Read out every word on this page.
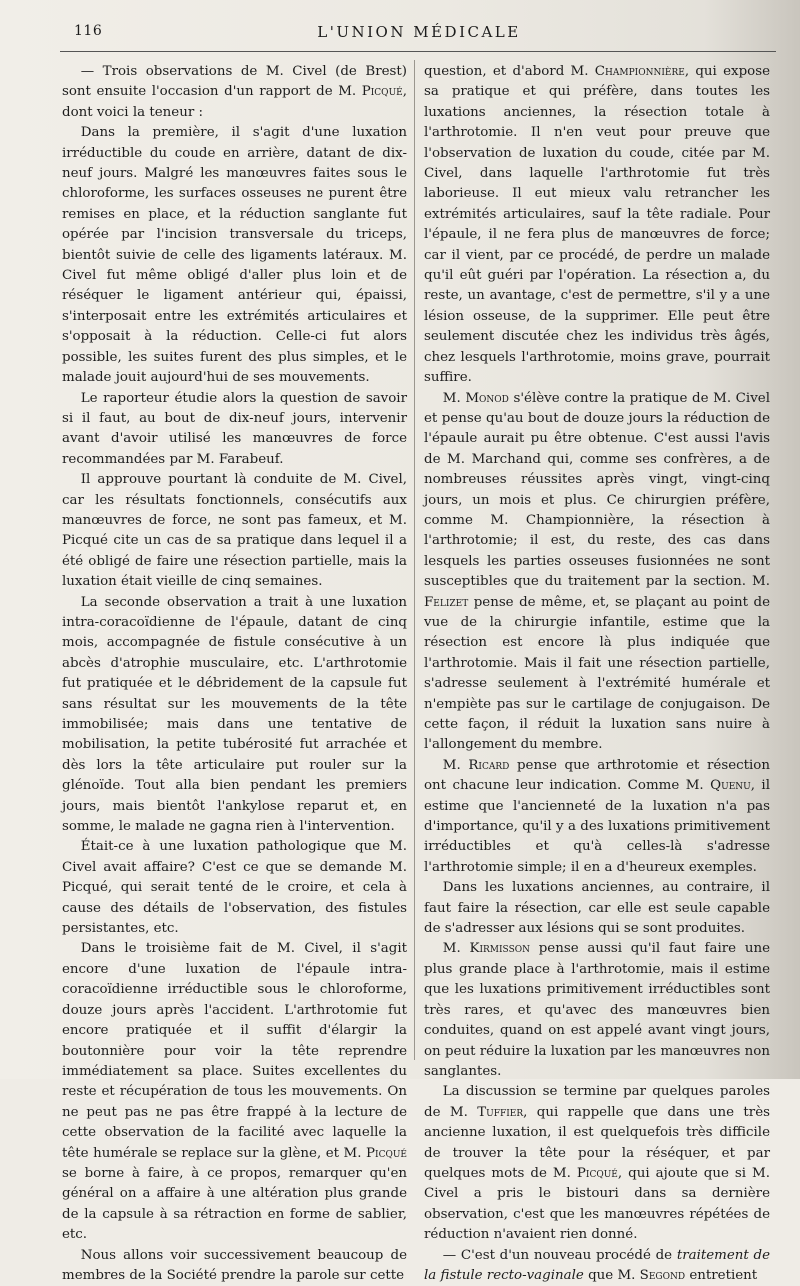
116	L'UNION MÉDICALE

— Trois observations de M. Civel (de Brest) sont ensuite l'occasion d'un rapport de M. Picqué, dont voici la teneur :

Dans la première, il s'agit d'une luxation irréductible du coude en arrière, datant de dix-neuf jours. Malgré les manœuvres faites sous le chloroforme, les surfaces osseuses ne purent être remises en place, et la réduction sanglante fut opérée par l'incision transversale du triceps, bientôt suivie de celle des ligaments latéraux. M. Civel fut même obligé d'aller plus loin et de réséquer le ligament antérieur qui, épaissi, s'interposait entre les extrémités articulaires et s'opposait à la réduction. Celle-ci fut alors possible, les suites furent des plus simples, et le malade jouit aujourd'hui de ses mouvements.

Le raporteur étudie alors la question de savoir si il faut, au bout de dix-neuf jours, intervenir avant d'avoir utilisé les manœuvres de force recommandées par M. Farabeuf.

Il approuve pourtant là conduite de M. Civel, car les résultats fonctionnels, consécutifs aux manœuvres de force, ne sont pas fameux, et M. Picqué cite un cas de sa pratique dans lequel il a été obligé de faire une résection partielle, mais la luxation était vieille de cinq semaines.

La seconde observation a trait à une luxation intra-coracoïdienne de l'épaule, datant de cinq mois, accompagnée de fistule consécutive à un abcès d'atrophie musculaire, etc. L'arthrotomie fut pratiquée et le débridement de la capsule fut sans résultat sur les mouvements de la tête immobilisée; mais dans une tentative de mobilisation, la petite tubérosité fut arrachée et dès lors la tête articulaire put rouler sur la glénoïde. Tout alla bien pendant les premiers jours, mais bientôt l'ankylose reparut et, en somme, le malade ne gagna rien à l'intervention.

Était-ce à une luxation pathologique que M. Civel avait affaire? C'est ce que se demande M. Picqué, qui serait tenté de le croire, et cela à cause des détails de l'observation, des fistules persistantes, etc.

Dans le troisième fait de M. Civel, il s'agit encore d'une luxation de l'épaule intra-coracoïdienne irréductible sous le chloroforme, douze jours après l'accident. L'arthrotomie fut encore pratiquée et il suffit d'élargir la boutonnière pour voir la tête reprendre immédiatement sa place. Suites excellentes du reste et récupération de tous les mouvements. On ne peut pas ne pas être frappé à la lecture de cette observation de la facilité avec laquelle la tête humérale se replace sur la glène, et M. Picqué se borne à faire, à ce propos, remarquer qu'en général on a affaire à une altération plus grande de la capsule à sa rétraction en forme de sablier, etc.

Nous allons voir successivement beaucoup de membres de la Société prendre la parole sur cette

question, et d'abord M. Championnière, qui expose sa pratique et qui préfère, dans toutes les luxations anciennes, la résection totale à l'arthrotomie. Il n'en veut pour preuve que l'observation de luxation du coude, citée par M. Civel, dans laquelle l'arthrotomie fut très laborieuse. Il eut mieux valu retrancher les extrémités articulaires, sauf la tête radiale. Pour l'épaule, il ne fera plus de manœuvres de force; car il vient, par ce procédé, de perdre un malade qu'il eût guéri par l'opération. La résection a, du reste, un avantage, c'est de permettre, s'il y a une lésion osseuse, de la supprimer. Elle peut être seulement discutée chez les individus très âgés, chez lesquels l'arthrotomie, moins grave, pourrait suffire.

M. Monod s'élève contre la pratique de M. Civel et pense qu'au bout de douze jours la réduction de l'épaule aurait pu être obtenue. C'est aussi l'avis de M. Marchand qui, comme ses confrères, a de nombreuses réussites après vingt, vingt-cinq jours, un mois et plus. Ce chirurgien préfère, comme M. Championnière, la résection à l'arthrotomie; il est, du reste, des cas dans lesquels les parties osseuses fusionnées ne sont susceptibles que du traitement par la section. M. Felizet pense de même, et, se plaçant au point de vue de la chirurgie infantile, estime que la résection est encore là plus indiquée que l'arthrotomie. Mais il fait une résection partielle, s'adresse seulement à l'extrémité humérale et n'empiète pas sur le cartilage de conjugaison. De cette façon, il réduit la luxation sans nuire à l'allongement du membre.

M. Ricard pense que arthrotomie et résection ont chacune leur indication. Comme M. Quenu, il estime que l'ancienneté de la luxation n'a pas d'importance, qu'il y a des luxations primitivement irréductibles et qu'à celles-là s'adresse l'arthrotomie simple; il en a d'heureux exemples.

Dans les luxations anciennes, au contraire, il faut faire la résection, car elle est seule capable de s'adresser aux lésions qui se sont produites.

M. Kirmisson pense aussi qu'il faut faire une plus grande place à l'arthrotomie, mais il estime que les luxations primitivement irréductibles sont très rares, et qu'avec des manœuvres bien conduites, quand on est appelé avant vingt jours, on peut réduire la luxation par les manœuvres non sanglantes.

La discussion se termine par quelques paroles de M. Tuffier, qui rappelle que dans une très ancienne luxation, il est quelquefois très difficile de trouver la tête pour la réséquer, et par quelques mots de M. Picqué, qui ajoute que si M. Civel a pris le bistouri dans sa dernière observation, c'est que les manœuvres répétées de réduction n'avaient rien donné.

— C'est d'un nouveau procédé de traitement de la fistule recto-vaginale que M. Segond entretient
